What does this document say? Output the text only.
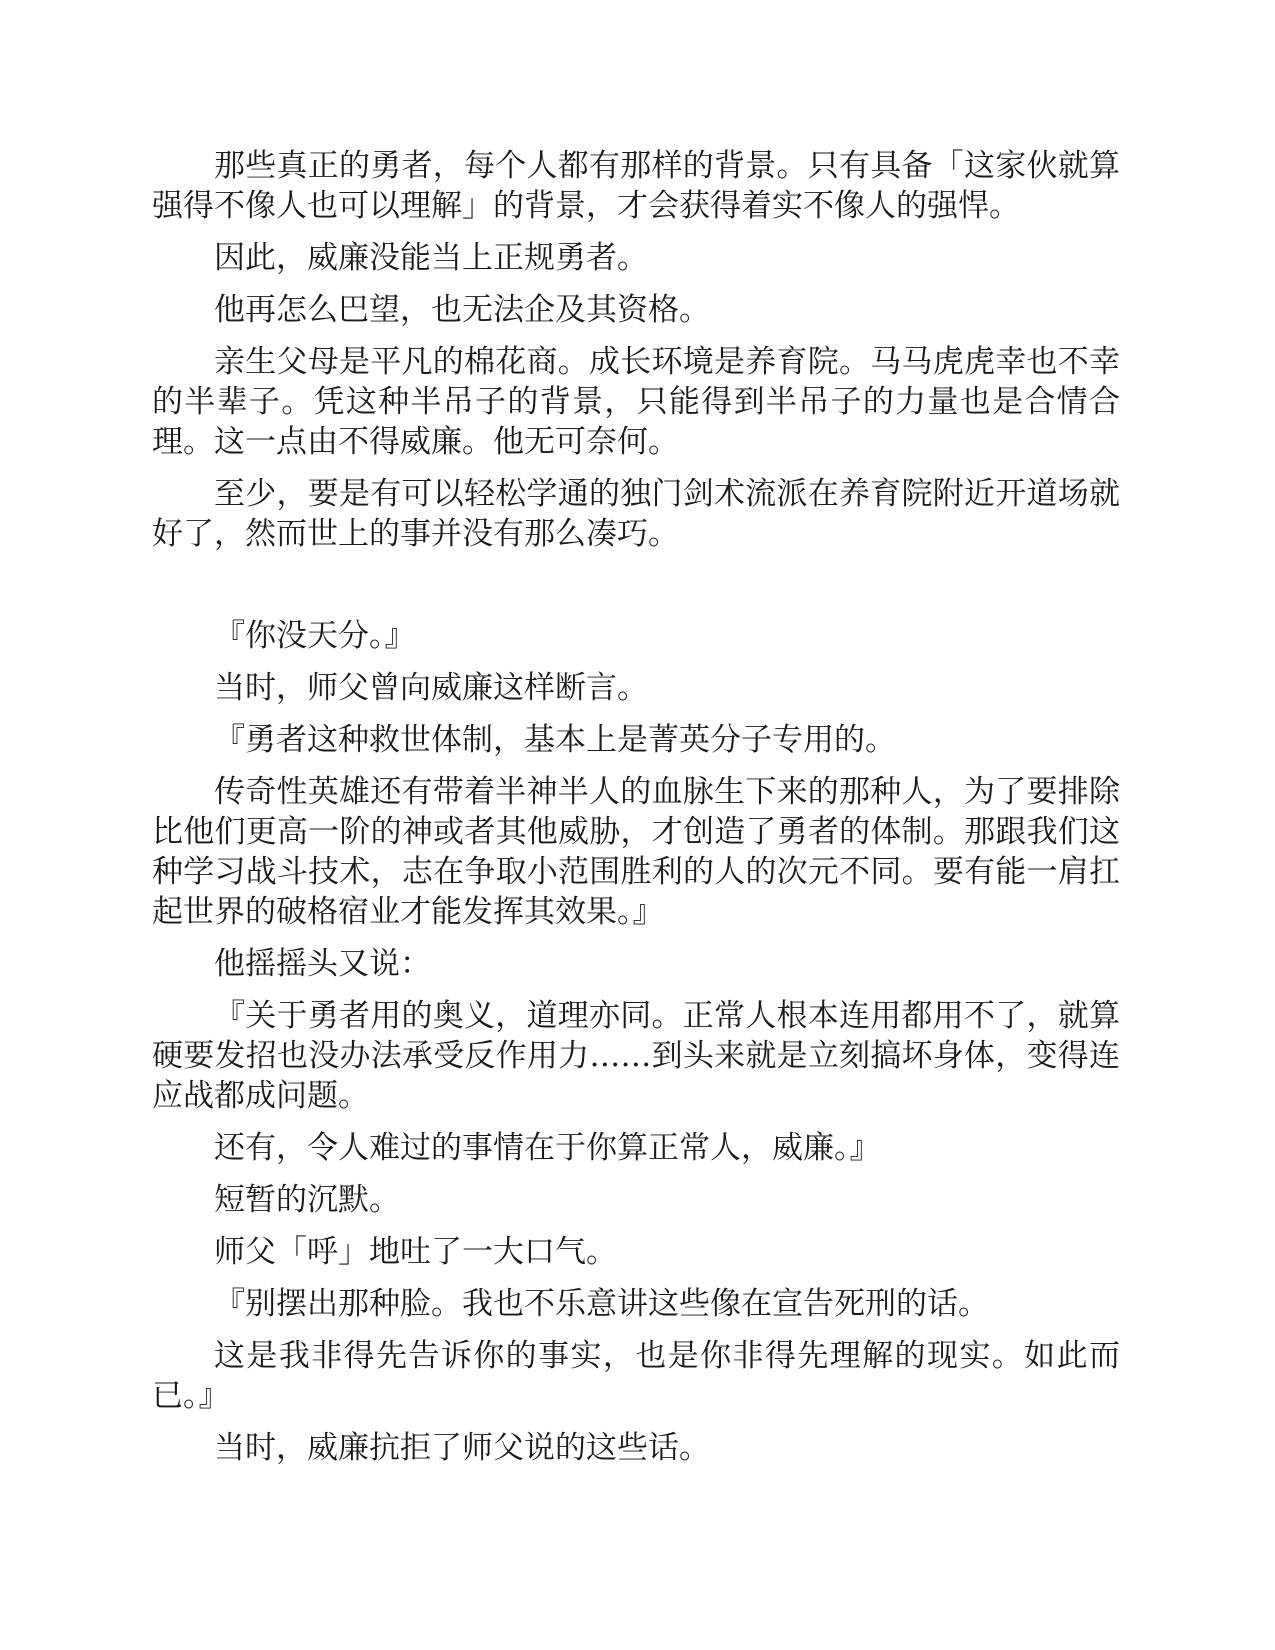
那些真正的勇者，每个人都有那样的背景。只有具备「这家伙就算强得不像人也可以理解」的背景，才会获得着实不像人的强悍。

因此，威廉没能当上正规勇者。

他再怎么巴望，也无法企及其资格。

亲生父母是平凡的棉花商。成长环境是养育院。马马虎虎幸也不幸的半辈子。凭这种半吊子的背景，只能得到半吊子的力量也是合情合理。这一点由不得威廉。他无可奈何。

至少，要是有可以轻松学通的独门剑术流派在养育院附近开道场就好了，然而世上的事并没有那么凑巧。

『你没天分。』

当时，师父曾向威廉这样断言。

『勇者这种救世体制，基本上是菁英分子专用的。

传奇性英雄还有带着半神半人的血脉生下来的那种人，为了要排除比他们更高一阶的神或者其他威胁，才创造了勇者的体制。那跟我们这种学习战斗技术，志在争取小范围胜利的人的次元不同。要有能一肩扛起世界的破格宿业才能发挥其效果。』

他摇摇头又说：

『关于勇者用的奥义，道理亦同。正常人根本连用都用不了，就算硬要发招也没办法承受反作用力……到头来就是立刻搞坏身体，变得连应战都成问题。

还有，令人难过的事情在于你算正常人，威廉。』

短暂的沉默。

师父「呼」地吐了一大口气。

『别摆出那种脸。我也不乐意讲这些像在宣告死刑的话。

这是我非得先告诉你的事实，也是你非得先理解的现实。如此而已。』

当时，威廉抗拒了师父说的这些话。
